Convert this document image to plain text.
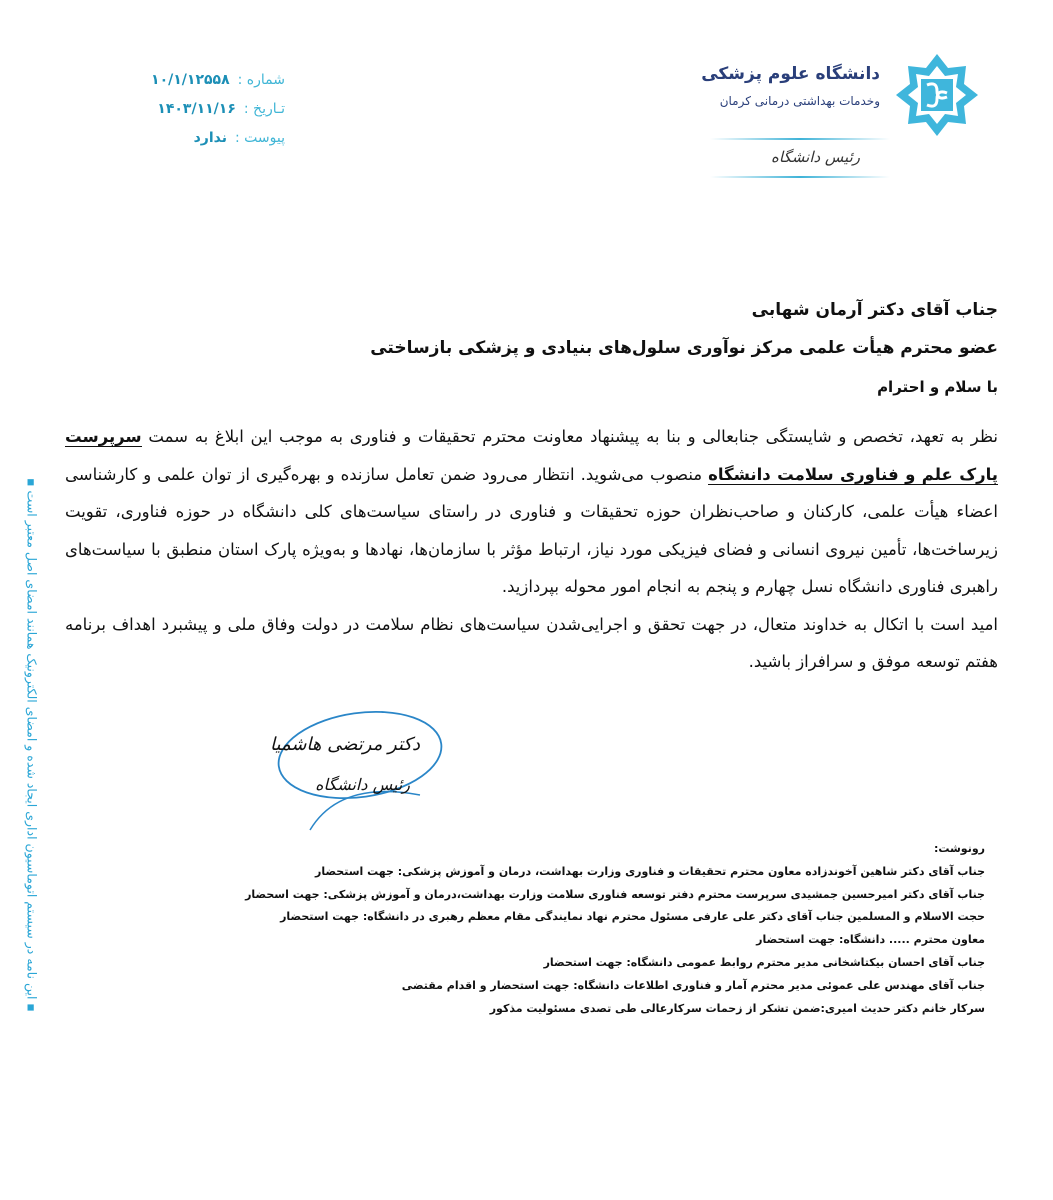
شماره :
۱۰/۱/۱۲۵۵۸
تـاریخ :
۱۴۰۳/۱۱/۱۶
پیوست :
ندارد
دانشگاه علوم پزشکی
وخدمات بهداشتی درمانی کرمان
رئیس دانشگاه
جناب آقای دکتر آرمان شهابی
عضو محترم هیأت علمی مرکز نوآوری سلول‌های بنیادی و پزشکی بازساختی
با سلام و احترام

نظر به تعهد، تخصص و شایستگی جنابعالی و بنا به پیشنهاد معاونت محترم تحقیقات و فناوری به موجب این ابلاغ به سمت سرپرست پارک علم و فناوری سلامت دانشگاه منصوب می‌شوید. انتظار می‌رود ضمن تعامل سازنده و بهره‌گیری از توان علمی و کارشناسی اعضاء هیأت علمی، کارکنان و صاحب‌نظران حوزه تحقیقات و فناوری در راستای سیاست‌های کلی دانشگاه در حوزه فناوری، تقویت زیرساخت‌ها، تأمین نیروی انسانی و فضای فیزیکی مورد نیاز، ارتباط مؤثر با سازمان‌ها، نهادها و به‌ویژه پارک استان منطبق با سیاست‌های راهبری فناوری دانشگاه نسل چهارم و پنجم به انجام امور محوله بپردازید.

امید است با اتکال به خداوند متعال، در جهت تحقق و اجرایی‌شدن سیاست‌های نظام سلامت در دولت وفاق ملی و پیشبرد اهداف برنامه هفتم توسعه موفق و سرافراز باشید.

دکتر مرتضی هاشمیان
رئیس دانشگاه
رونوشت:
جناب آقای دکتر شاهین آخوندزاده معاون محترم تحقیقات و فناوری وزارت بهداشت، درمان و آموزش پزشکی: جهت استحضار
جناب آقای دکتر امیرحسین جمشیدی سرپرست محترم دفتر توسعه فناوری سلامت وزارت بهداشت،درمان و آموزش پزشکی: جهت اسحضار
حجت الاسلام و المسلمین جناب آقای دکتر علی عارفی مسئول محترم نهاد نمایندگی مقام معظم رهبری در دانشگاه: جهت استحضار
معاون محترم ..... دانشگاه: جهت استحضار
جناب آقای احسان بیکتاشخانی مدیر محترم روابط عمومی دانشگاه: جهت استحضار
جناب آقای مهندس علی عموئی مدیر محترم آمار و فناوری اطلاعات دانشگاه: جهت استحضار و اقدام مقتضی
سرکار خانم دکتر حدیث امیری:ضمن تشکر از زحمات سرکارعالی طی تصدی مسئولیت مذکور
▪ این نامه در سیستم اتوماسیون اداری ایجاد شده و امضای الکترونیک همانند امضای اصل معتبر است ▪
